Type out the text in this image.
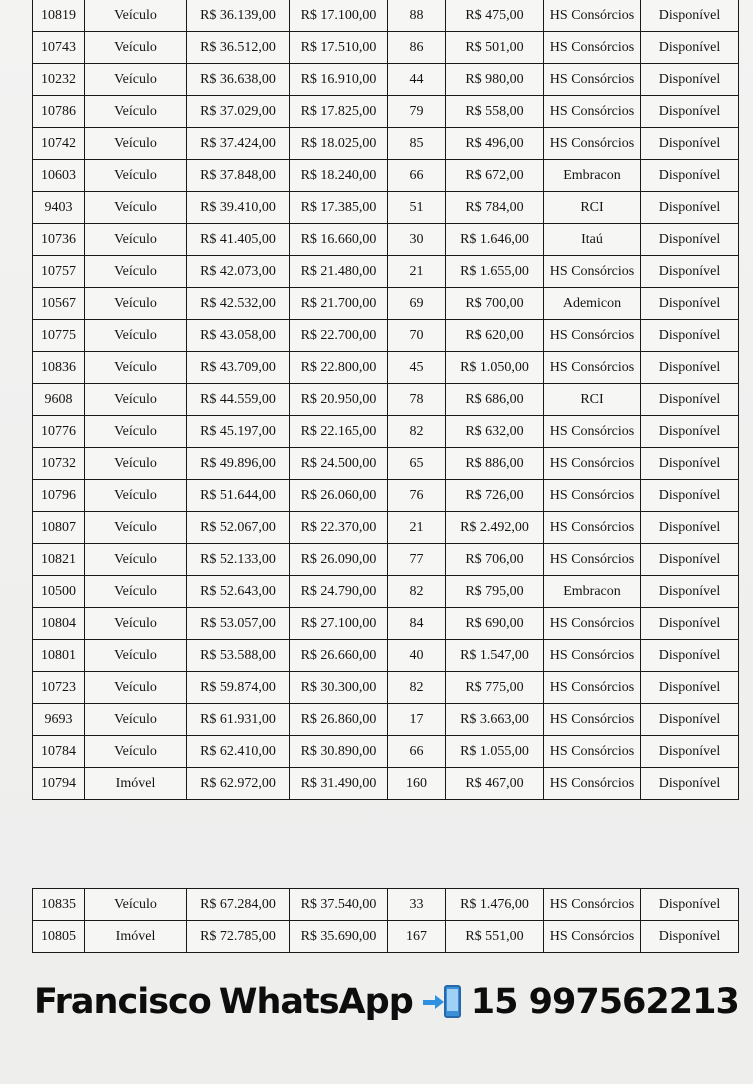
10819	Veículo	R$ 36.139,00	R$ 17.100,00	88	R$ 475,00	HS Consórcios	Disponível
10743	Veículo	R$ 36.512,00	R$ 17.510,00	86	R$ 501,00	HS Consórcios	Disponível
10232	Veículo	R$ 36.638,00	R$ 16.910,00	44	R$ 980,00	HS Consórcios	Disponível
10786	Veículo	R$ 37.029,00	R$ 17.825,00	79	R$ 558,00	HS Consórcios	Disponível
10742	Veículo	R$ 37.424,00	R$ 18.025,00	85	R$ 496,00	HS Consórcios	Disponível
10603	Veículo	R$ 37.848,00	R$ 18.240,00	66	R$ 672,00	Embracon	Disponível
9403	Veículo	R$ 39.410,00	R$ 17.385,00	51	R$ 784,00	RCI	Disponível
10736	Veículo	R$ 41.405,00	R$ 16.660,00	30	R$ 1.646,00	Itaú	Disponível
10757	Veículo	R$ 42.073,00	R$ 21.480,00	21	R$ 1.655,00	HS Consórcios	Disponível
10567	Veículo	R$ 42.532,00	R$ 21.700,00	69	R$ 700,00	Ademicon	Disponível
10775	Veículo	R$ 43.058,00	R$ 22.700,00	70	R$ 620,00	HS Consórcios	Disponível
10836	Veículo	R$ 43.709,00	R$ 22.800,00	45	R$ 1.050,00	HS Consórcios	Disponível
9608	Veículo	R$ 44.559,00	R$ 20.950,00	78	R$ 686,00	RCI	Disponível
10776	Veículo	R$ 45.197,00	R$ 22.165,00	82	R$ 632,00	HS Consórcios	Disponível
10732	Veículo	R$ 49.896,00	R$ 24.500,00	65	R$ 886,00	HS Consórcios	Disponível
10796	Veículo	R$ 51.644,00	R$ 26.060,00	76	R$ 726,00	HS Consórcios	Disponível
10807	Veículo	R$ 52.067,00	R$ 22.370,00	21	R$ 2.492,00	HS Consórcios	Disponível
10821	Veículo	R$ 52.133,00	R$ 26.090,00	77	R$ 706,00	HS Consórcios	Disponível
10500	Veículo	R$ 52.643,00	R$ 24.790,00	82	R$ 795,00	Embracon	Disponível
10804	Veículo	R$ 53.057,00	R$ 27.100,00	84	R$ 690,00	HS Consórcios	Disponível
10801	Veículo	R$ 53.588,00	R$ 26.660,00	40	R$ 1.547,00	HS Consórcios	Disponível
10723	Veículo	R$ 59.874,00	R$ 30.300,00	82	R$ 775,00	HS Consórcios	Disponível
9693	Veículo	R$ 61.931,00	R$ 26.860,00	17	R$ 3.663,00	HS Consórcios	Disponível
10784	Veículo	R$ 62.410,00	R$ 30.890,00	66	R$ 1.055,00	HS Consórcios	Disponível
10794	Imóvel	R$ 62.972,00	R$ 31.490,00	160	R$ 467,00	HS Consórcios	Disponível
10835	Veículo	R$ 67.284,00	R$ 37.540,00	33	R$ 1.476,00	HS Consórcios	Disponível
10805	Imóvel	R$ 72.785,00	R$ 35.690,00	167	R$ 551,00	HS Consórcios	Disponível
Francisco WhatsApp 15 997562213
